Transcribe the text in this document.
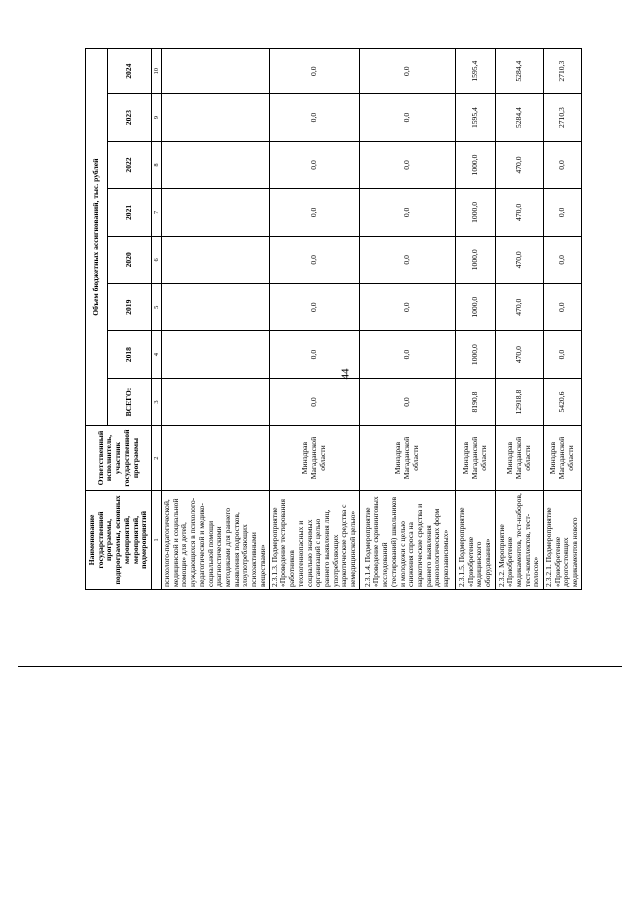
44
Наименование государственной программы, подпрограммы, основных мероприятий, мероприятий, подмероприятий	Ответственный исполнитель, участник государственной программы	Объем бюджетных ассигнований, тыс. рублей							
		ВСЕГО:	2018	2019	2020	2021	2022	2023	2024
1	2	3	4	5	6	7	8	9	10
психолого-педагогической, медицинской и социальной помощи» для детей, нуждающихся в психолого-педагогической и медико-социальной помощи диагностическими методиками для раннего выявления подростков, злоупотребляющих психоактивными веществами»									
2.3.1.3. Подмероприятие «Проведение тестирования работников техногеннопасных и социально значимых организаций с целью раннего выявления лиц, употребляющих наркотические средства с немедицинской целью»	Минздрав Магаданской области	0,0	0,0	0,0	0,0	0,0	0,0	0,0	0,0
2.3.1.4. Подмероприятие «Проведение скрининговых исследований (тестирований) школьников и молодежи с целью снижения спроса на наркотические средства и раннего выявления донозологических форм наркозависимых»	Минздрав Магаданской области	0,0	0,0	0,0	0,0	0,0	0,0	0,0	0,0
2.3.1.5. Подмероприятие «Приобретение медицинского оборудования»	Минздрав Магаданской области	8190,8	1000,0	1000,0	1000,0	1000,0	1000,0	1595,4	1595,4
2.3.2. Мероприятие «Приобретение медикаментов, тест-наборов, тест-комплектов, тест-полосок»	Минздрав Магаданской области	12918,8	470,0	470,0	470,0	470,0	470,0	5284,4	5284,4
2.3.2.1. Подмероприятие «Приобретение дорогостоящих медикаментов нового	Минздрав Магаданской области	5420,6	0,0	0,0	0,0	0,0	0,0	2710,3	2710,3
